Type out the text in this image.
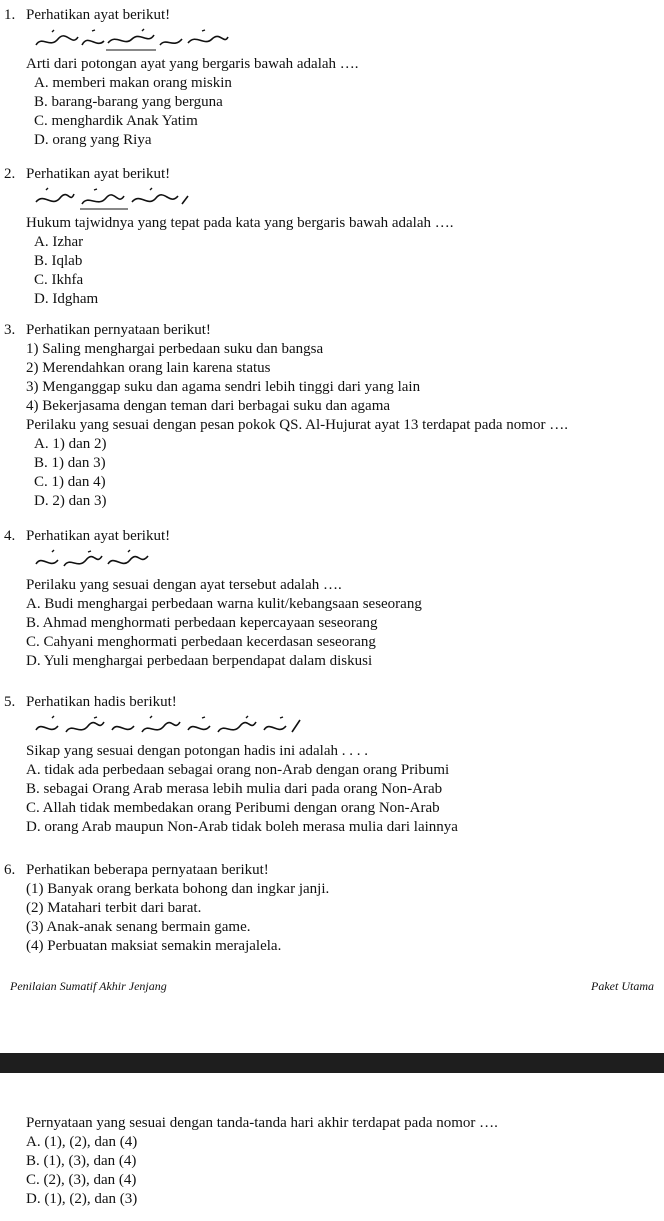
1. Perhatikan ayat berikut!
Arti dari potongan ayat yang bergaris bawah adalah ….
A. memberi makan orang miskin
B. barang-barang yang berguna
C. menghardik Anak Yatim
D. orang yang Riya
2. Perhatikan ayat berikut!
Hukum tajwidnya yang tepat pada kata yang bergaris bawah adalah ….
A. Izhar
B. Iqlab
C. Ikhfa
D. Idgham
3. Perhatikan pernyataan berikut!
1) Saling menghargai perbedaan suku dan bangsa
2) Merendahkan orang lain karena status
3) Menganggap suku dan agama sendri lebih tinggi dari yang lain
4) Bekerjasama dengan teman dari berbagai suku dan agama
Perilaku yang sesuai dengan pesan pokok QS. Al-Hujurat ayat 13 terdapat pada nomor ….
A. 1) dan 2)
B. 1) dan 3)
C. 1) dan 4)
D. 2) dan 3)
4. Perhatikan ayat berikut!
Perilaku yang sesuai dengan ayat tersebut adalah ….
A. Budi menghargai perbedaan warna kulit/kebangsaan seseorang
B. Ahmad menghormati perbedaan kepercayaan seseorang
C. Cahyani menghormati perbedaan kecerdasan seseorang
D. Yuli menghargai perbedaan berpendapat dalam diskusi
5. Perhatikan hadis berikut!
Sikap yang sesuai dengan potongan hadis ini adalah . . . .
A. tidak ada perbedaan sebagai orang non-Arab dengan orang Pribumi
B. sebagai Orang Arab merasa lebih mulia dari pada orang Non-Arab
C. Allah tidak membedakan orang Peribumi dengan orang Non-Arab
D. orang Arab maupun Non-Arab tidak boleh merasa mulia dari lainnya
6. Perhatikan beberapa pernyataan berikut!
(1) Banyak orang berkata bohong dan ingkar janji.
(2) Matahari terbit dari barat.
(3) Anak-anak senang bermain game.
(4) Perbuatan maksiat semakin merajalela.
Penilaian Sumatif Akhir Jenjang	Paket Utama
Pernyataan yang sesuai dengan tanda-tanda hari akhir terdapat pada nomor ….
A. (1), (2), dan (4)
B. (1), (3), dan (4)
C. (2), (3), dan (4)
D. (1), (2), dan (3)
